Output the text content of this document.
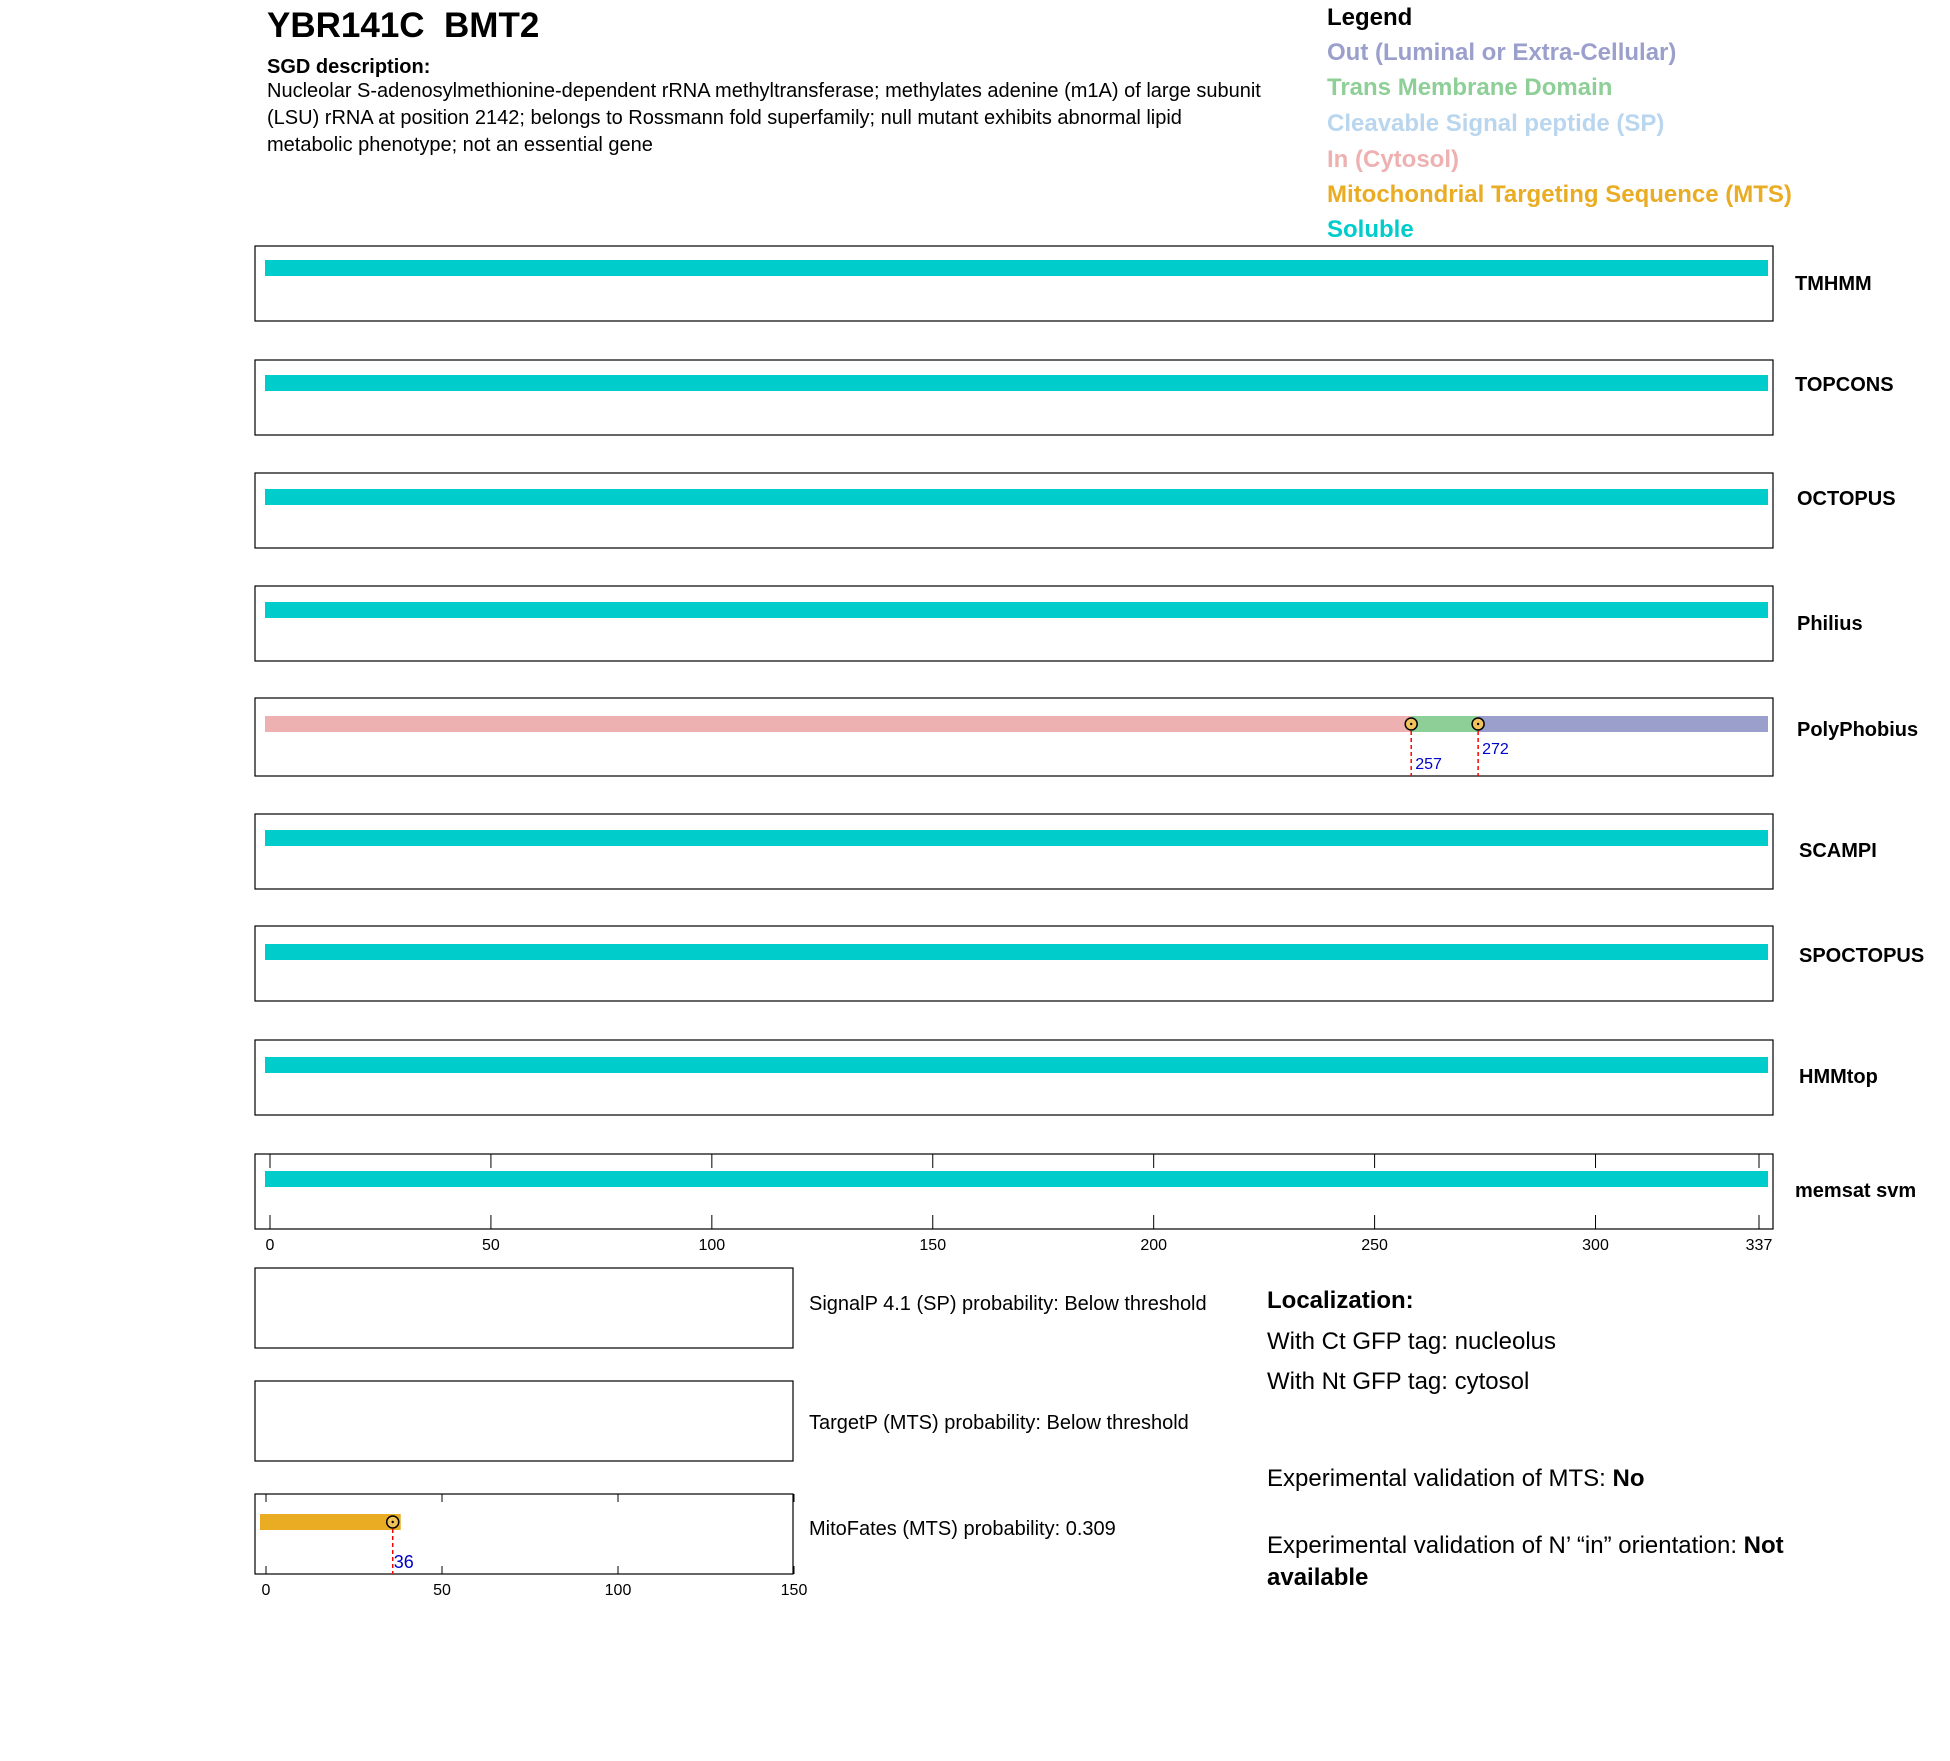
YBR141C  BMT2
SGD description:
Nucleolar S-adenosylmethionine-dependent rRNA methyltransferase; methylates adenine (m1A) of large subunit (LSU) rRNA at position 2142; belongs to Rossmann fold superfamily; null mutant exhibits abnormal lipid metabolic phenotype; not an essential gene
Legend
Out (Luminal or Extra-Cellular)
Trans Membrane Domain
Cleavable Signal peptide (SP)
In (Cytosol)
Mitochondrial Targeting Sequence (MTS)
Soluble
TMHMM
TOPCONS
OCTOPUS
Philius
PolyPhobius
SCAMPI
SPOCTOPUS
HMMtop
memsat svm
SignalP 4.1 (SP) probability: Below threshold
TargetP (MTS) probability: Below threshold
MitoFates (MTS) probability: 0.309
Localization:
With Ct GFP tag: nucleolus
With Nt GFP tag: cytosol
Experimental validation of MTS: No
Experimental validation of N’ “in” orientation: Not available
257
272
0	50	100	150	200	250	300	337
36
0	50	100	150
